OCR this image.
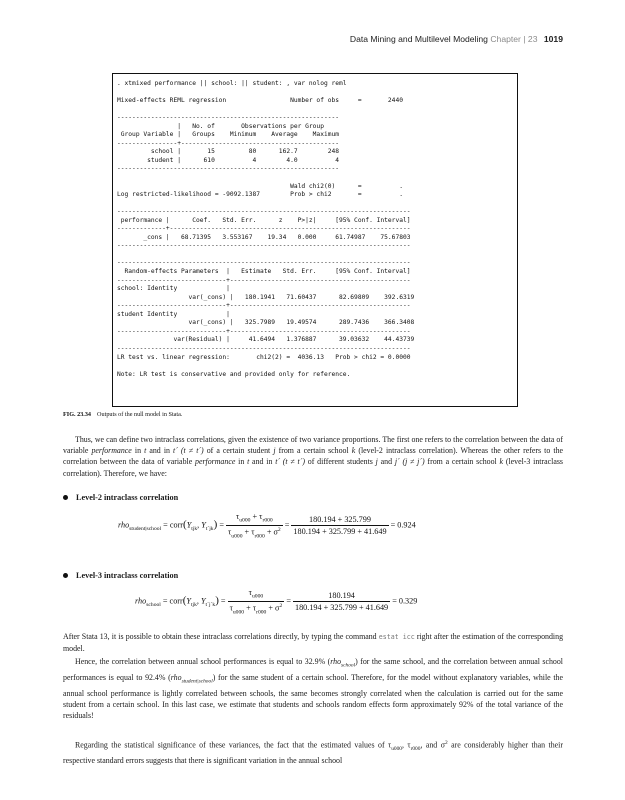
Data Mining and Multilevel Modeling Chapter | 23 1019
. xtmixed performance || school: || student: , var nolog reml

Mixed-effects REML regression                 Number of obs     =       2440

-----------------------------------------------------------
|   No. of       Observations per Group
Group Variable |   Groups    Minimum    Average    Maximum
----------------+------------------------------------------
school |       15         80      162.7        248
student |      610          4        4.0          4
-----------------------------------------------------------

Wald chi2(0)      =          .
Log restricted-likelihood = -9092.1387        Prob > chi2       =          .

------------------------------------------------------------------------------
performance |      Coef.   Std. Err.      z    P>|z|     [95% Conf. Interval]
-------------+----------------------------------------------------------------
_cons |   68.71395   3.553167    19.34   0.000     61.74987    75.67803
------------------------------------------------------------------------------

------------------------------------------------------------------------------
Random-effects Parameters  |   Estimate   Std. Err.     [95% Conf. Interval]
-----------------------------+------------------------------------------------
school: Identity             |
var(_cons) |   180.1941   71.60437      82.69809    392.6319
-----------------------------+------------------------------------------------
student Identity             |
var(_cons) |   325.7989   19.49574      289.7436    366.3408
-----------------------------+------------------------------------------------
var(Residual) |     41.6494   1.376887      39.03632    44.43739
------------------------------------------------------------------------------
LR test vs. linear regression:       chi2(2) =  4036.13   Prob > chi2 = 0.0000

Note: LR test is conservative and provided only for reference.
FIG. 23.34 Outputs of the null model in Stata.
Thus, we can define two intraclass correlations, given the existence of two variance proportions. The first one refers to the correlation between the data of variable performance in t and in t´ (t ≠ t´) of a certain student j from a certain school k (level-2 intraclass correlation). Whereas the other refers to the correlation between the data of variable performance in t and in t´ (t ≠ t´) of different students j and j´ (j ≠ j´) from a certain school k (level-3 intraclass correlation). Therefore, we have:
Level-2 intraclass correlation
$rho_{student|school} = corr(Y_{tjk}$, $Y_{t´jk}) = \frac{\tau_{u000} + \tau_{r000}}{\tau_{u000} + \tau_{r000} + \sigma^2} = \frac{180.194 + 325.799}{180.194 + 325.799 + 41.649} = 0.924$
Level-3 intraclass correlation
$rho_{school} = corr(Y_{tjk}$, $Y_{t´j´k}) = \frac{\tau_{u000}}{\tau_{u000} + \tau_{r000} + \sigma^2} = \frac{180.194}{180.194 + 325.799 + 41.649} = 0.329$
After Stata 13, it is possible to obtain these intraclass correlations directly, by typing the command estat icc right after the estimation of the corresponding model.
Hence, the correlation between annual school performances is equal to 32.9% (rho$_{school}$) for the same school, and the correlation between annual school performances is equal to 92.4% (rho$_{student|school}$) for the same student of a certain school. Therefore, for the model without explanatory variables, while the annual school performance is lightly correlated between schools, the same becomes strongly correlated when the calculation is carried out for the same student from a certain school. In this last case, we estimate that students and schools random effects form approximately 92% of the total variance of the residuals!
Regarding the statistical significance of these variances, the fact that the estimated values of $\tau_{u000}$, $\tau_{r000}$, and $\sigma^2$ are considerably higher than their respective standard errors suggests that there is significant variation in the annual school
